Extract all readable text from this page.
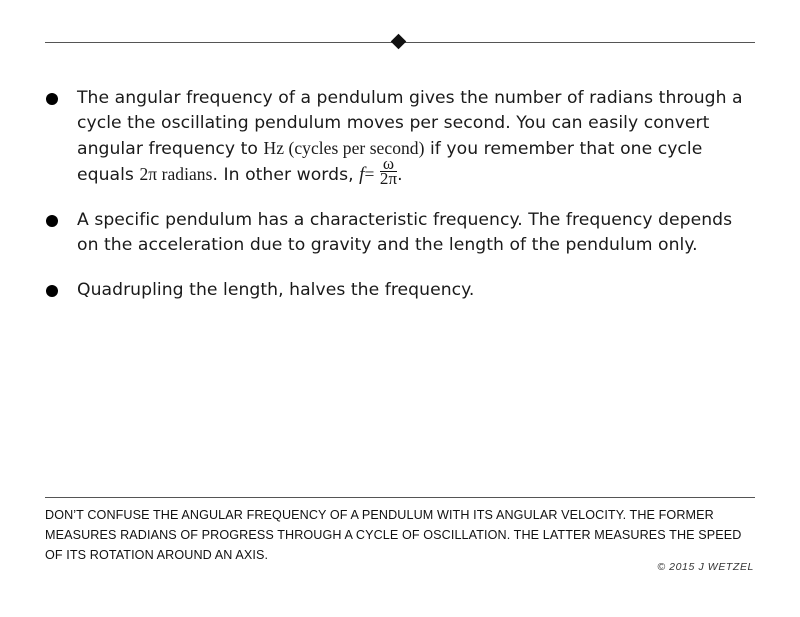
The angular frequency of a pendulum gives the number of radians through a cycle the oscillating pendulum moves per second. You can easily convert angular frequency to Hz (cycles per second) if you remember that one cycle equals 2π radians. In other words, $f= \frac{\omega}{2\pi}$ .
A specific pendulum has a characteristic frequency. The frequency depends on the acceleration due to gravity and the length of the pendulum only.
Quadrupling the length, halves the frequency.
DON’T CONFUSE THE ANGULAR FREQUENCY OF A PENDULUM WITH ITS ANGULAR VELOCITY. THE FORMER MEASURES RADIANS OF PROGRESS THROUGH A CYCLE OF OSCILLATION. THE LATTER MEASURES THE SPEED OF ITS ROTATION AROUND AN AXIS.
© 2015 J WETZEL
